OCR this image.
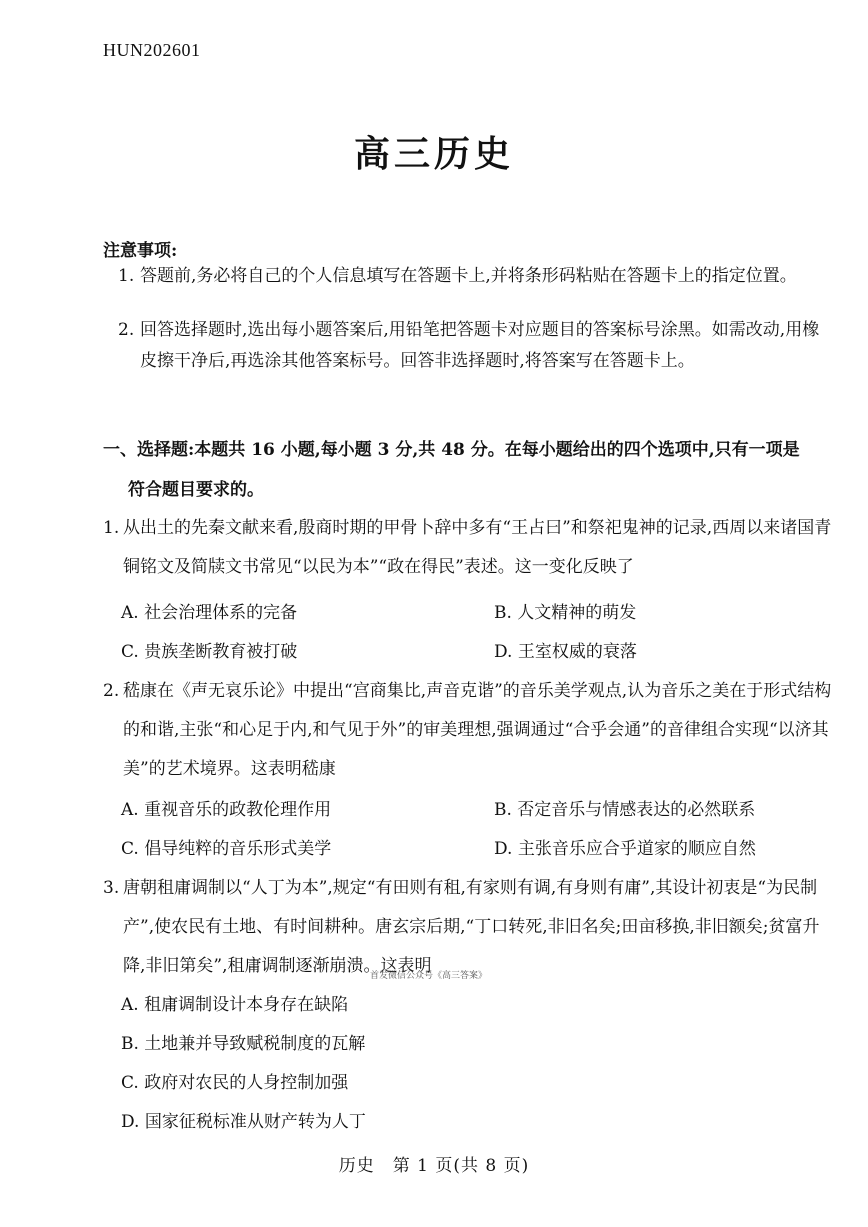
HUN202601
高三历史
注意事项:
1. 答题前,务必将自己的个人信息填写在答题卡上,并将条形码粘贴在答题卡上的指定位置。
2. 回答选择题时,选出每小题答案后,用铅笔把答题卡对应题目的答案标号涂黑。如需改动,用橡皮擦干净后,再选涂其他答案标号。回答非选择题时,将答案写在答题卡上。
一、选择题:本题共 16 小题,每小题 3 分,共 48 分。在每小题给出的四个选项中,只有一项是
符合题目要求的。
1. 从出土的先秦文献来看,殷商时期的甲骨卜辞中多有“王占曰”和祭祀鬼神的记录,西周以来诸国青铜铭文及简牍文书常见“以民为本”“政在得民”表述。这一变化反映了
A. 社会治理体系的完备	B. 人文精神的萌发
C. 贵族垄断教育被打破	D. 王室权威的衰落
2. 嵇康在《声无哀乐论》中提出“宫商集比,声音克谐”的音乐美学观点,认为音乐之美在于形式结构的和谐,主张“和心足于内,和气见于外”的审美理想,强调通过“合乎会通”的音律组合实现“以济其美”的艺术境界。这表明嵇康
A. 重视音乐的政教伦理作用	B. 否定音乐与情感表达的必然联系
C. 倡导纯粹的音乐形式美学	D. 主张音乐应合乎道家的顺应自然
3. 唐朝租庸调制以“人丁为本”,规定“有田则有租,有家则有调,有身则有庸”,其设计初衷是“为民制产”,使农民有土地、有时间耕种。唐玄宗后期,“丁口转死,非旧名矣;田亩移换,非旧额矣;贫富升降,非旧第矣”,租庸调制逐渐崩溃。这表明
首发微信公众号《高三答案》
A. 租庸调制设计本身存在缺陷
B. 土地兼并导致赋税制度的瓦解
C. 政府对农民的人身控制加强
D. 国家征税标准从财产转为人丁
历史　第 1 页(共 8 页)
